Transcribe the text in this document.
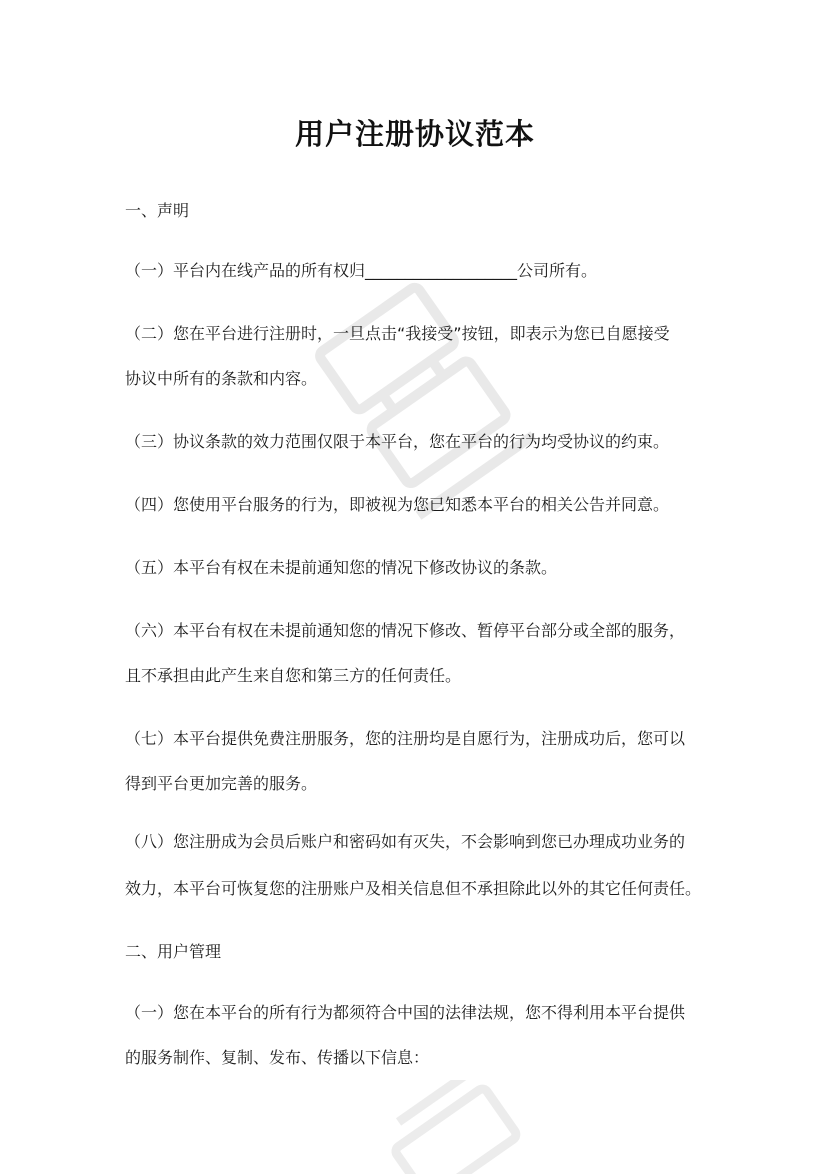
用户注册协议范本

一、声明

（一）平台内在线产品的所有权归___________________公司所有。

（二）您在平台进行注册时，一旦点击“我接受”按钮，即表示为您已自愿接受

协议中所有的条款和内容。

（三）协议条款的效力范围仅限于本平台，您在平台的行为均受协议的约束。

（四）您使用平台服务的行为，即被视为您已知悉本平台的相关公告并同意。

（五）本平台有权在未提前通知您的情况下修改协议的条款。

（六）本平台有权在未提前通知您的情况下修改、暂停平台部分或全部的服务，

且不承担由此产生来自您和第三方的任何责任。

（七）本平台提供免费注册服务，您的注册均是自愿行为，注册成功后，您可以

得到平台更加完善的服务。

（八）您注册成为会员后账户和密码如有灭失，不会影响到您已办理成功业务的

效力，本平台可恢复您的注册账户及相关信息但不承担除此以外的其它任何责任。

二、用户管理

（一）您在本平台的所有行为都须符合中国的法律法规，您不得利用本平台提供

的服务制作、复制、发布、传播以下信息：
